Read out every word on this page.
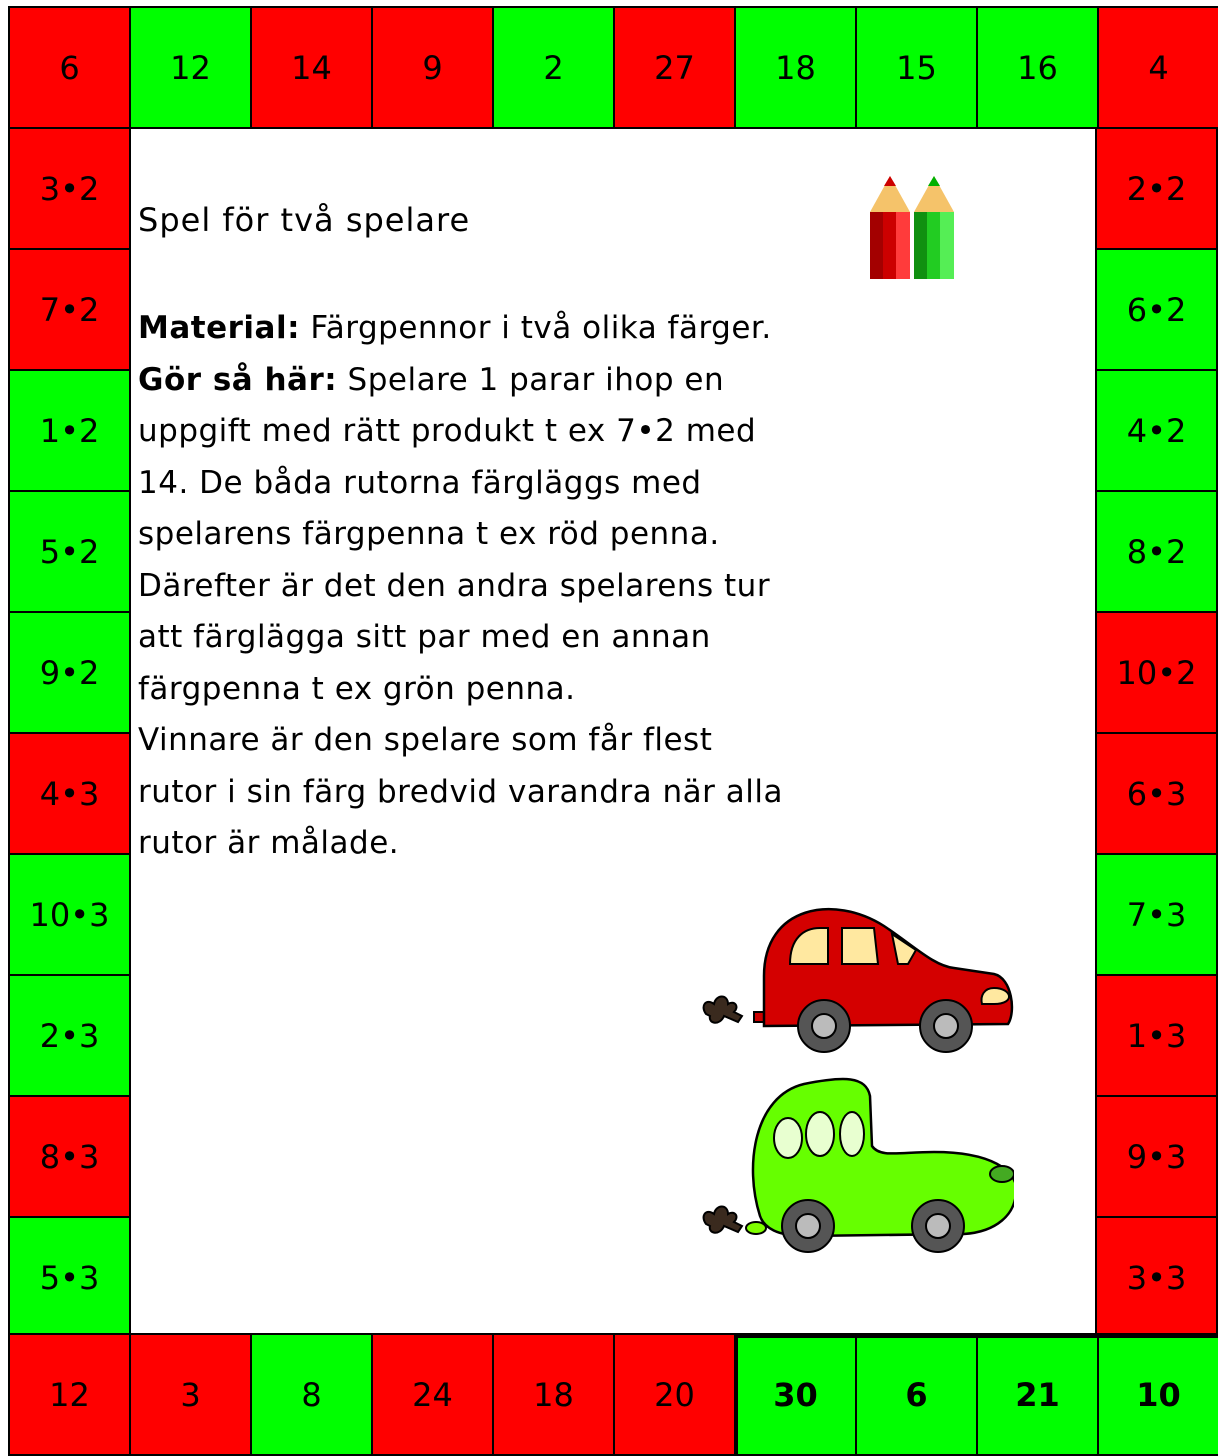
6	12	14	9	2	27	18	15	16	4
3•2
7•2
1•2
5•2
9•2
4•3
10•3
2•3
8•3
5•3
2•2
6•2
4•2
8•2
10•2
6•3
7•3
1•3
9•3
3•3
12	3	8	24	18	20	30	6	21	10
Spel för två spelare
Material: Färgpennor i två olika färger.
Gör så här: Spelare 1 parar ihop en
uppgift med rätt produkt t ex 7•2 med
14. De båda rutorna färgläggs med
spelarens färgpenna t ex röd penna.
Därefter är det den andra spelarens tur
att färglägga sitt par med en annan
färgpenna t ex grön penna.
Vinnare är den spelare som får flest
rutor i sin färg bredvid varandra när alla
rutor är målade.
